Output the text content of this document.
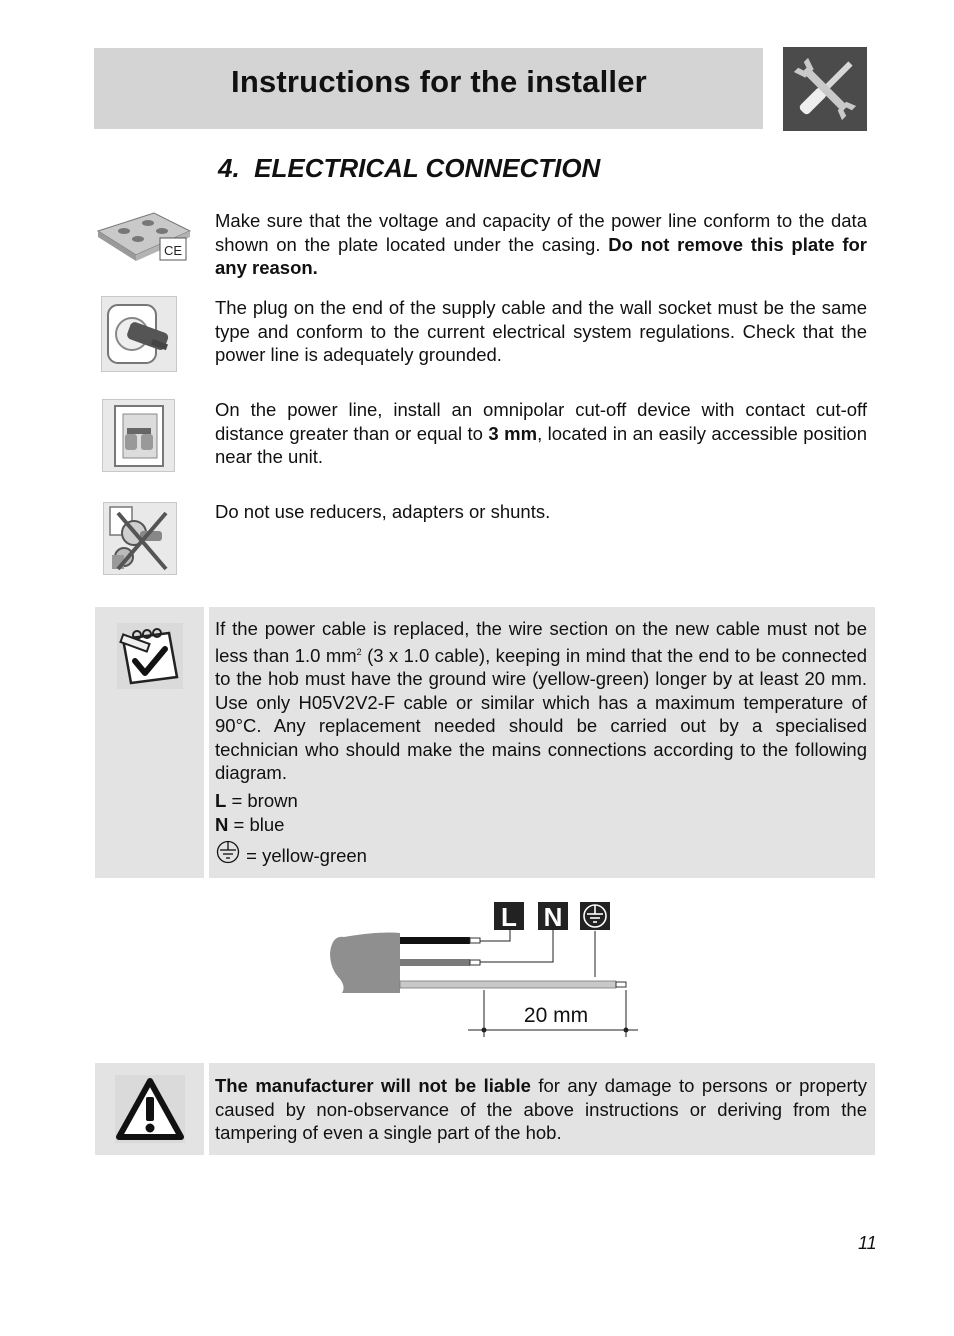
Instructions for the installer
4. ELECTRICAL CONNECTION
CE

Make sure that the voltage and capacity of the power line conform to the data shown on the plate located under the casing. Do not remove this plate for any reason.

The plug on the end of the supply cable and the wall socket must be the same type and conform to the current electrical system regulations. Check that the power line is adequately grounded.

On the power line, install an omnipolar cut-off device with contact cut-off distance greater than or equal to 3 mm, located in an easily accessible position near the unit.

Do not use reducers, adapters or shunts.

If the power cable is replaced, the wire section on the new cable must not be less than 1.0 $mm^2$ (3 x 1.0 cable), keeping in mind that the end to be connected to the hob must have the ground wire (yellow-green) longer by at least 20 mm. Use only H05V2V2-F cable or similar which has a maximum temperature of 90°C. Any replacement needed should be carried out by a specialised technician who should make the mains connections according to the following diagram.

L = brown
N = blue
= yellow-green
L N
20 mm

The manufacturer will not be liable for any damage to persons or property caused by non-observance of the above instructions or deriving from the tampering of even a single part of the hob.

11
